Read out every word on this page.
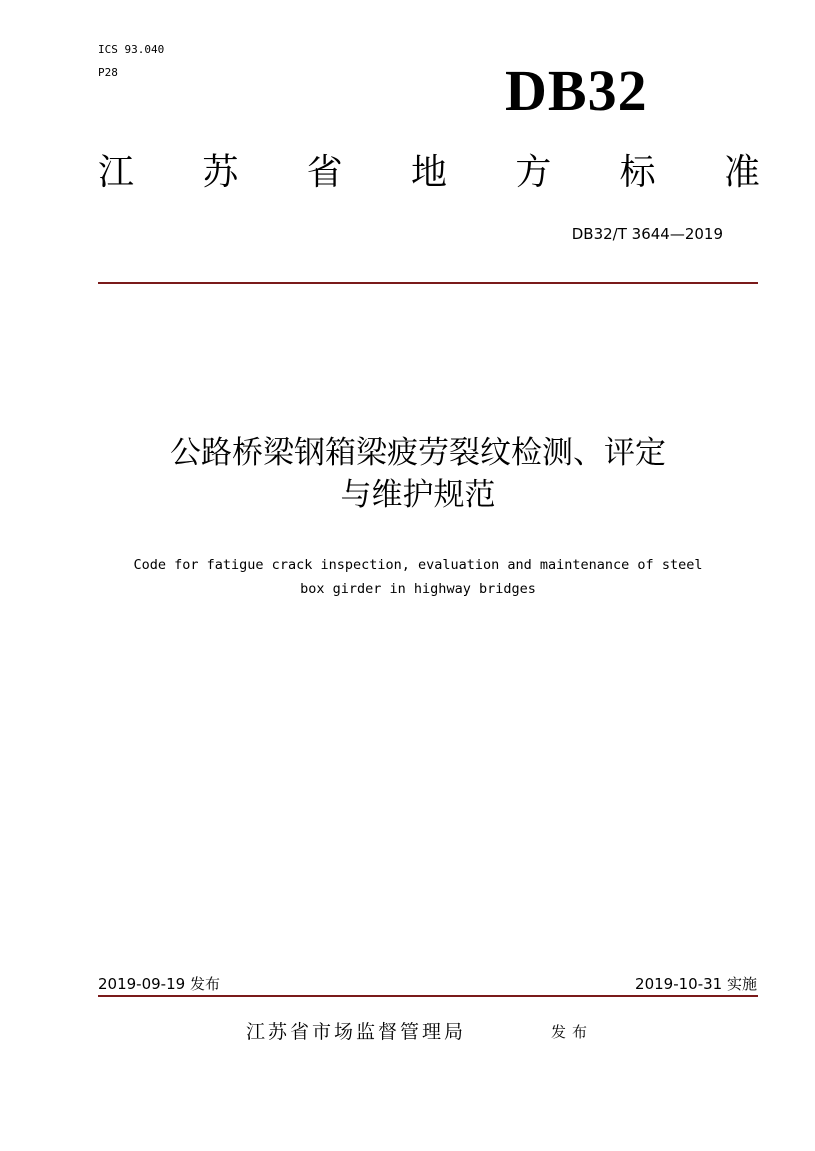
ICS 93.040
P28	DB32
江 苏 省 地 方 标 准
DB32/T 3644—2019
公路桥梁钢箱梁疲劳裂纹检测、评定
与维护规范
Code for fatigue crack inspection, evaluation and maintenance of steel
box girder in highway bridges
2019-09-19 发布	2019-10-31 实施
江苏省市场监督管理局	发布
